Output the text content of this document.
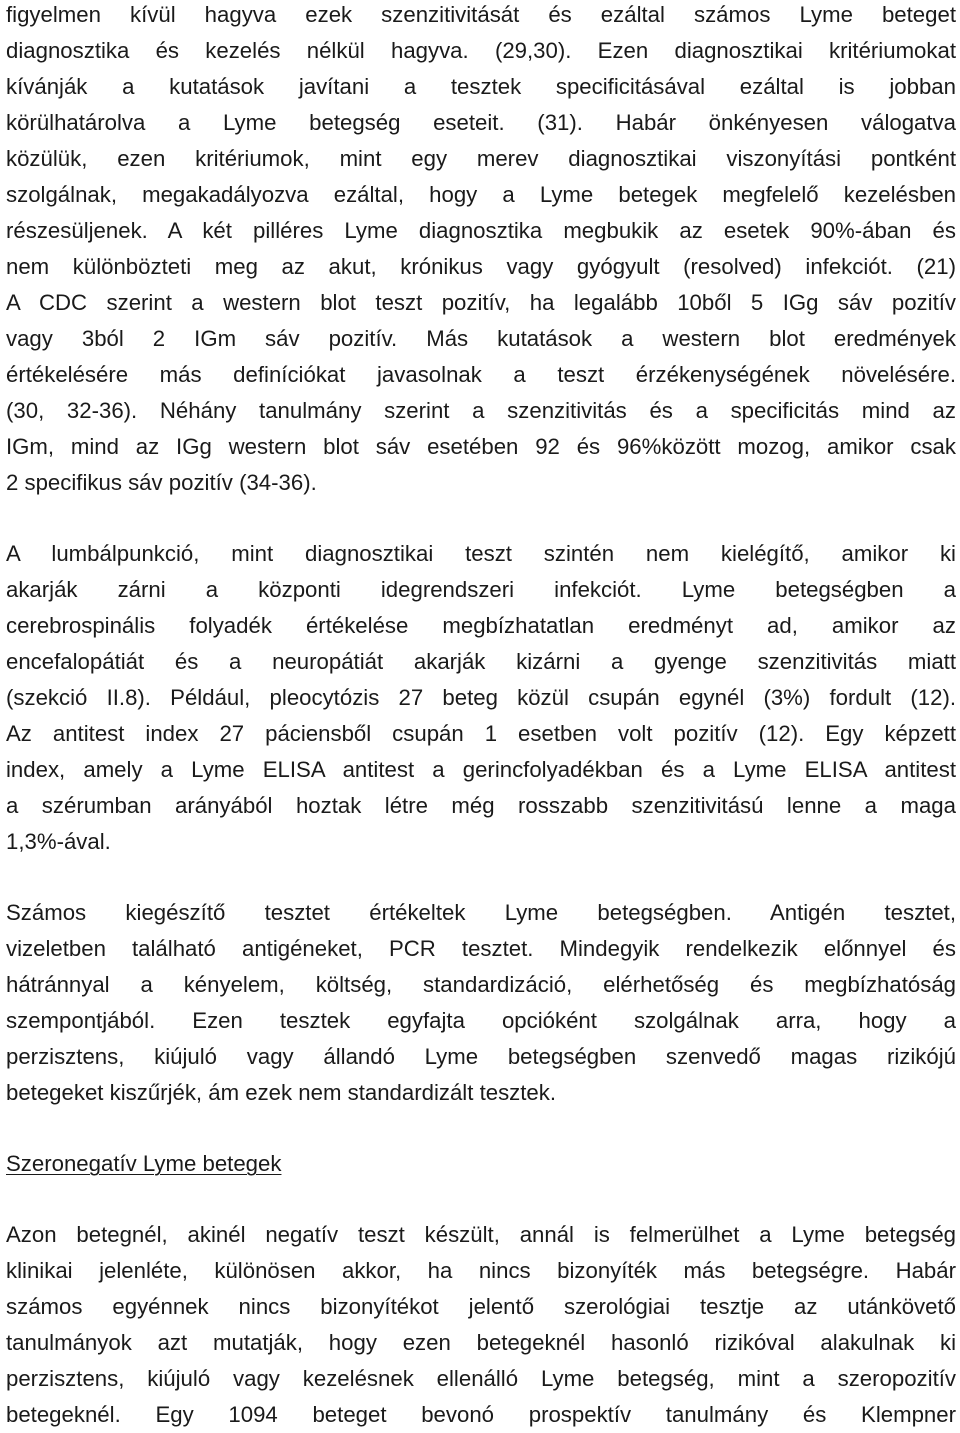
figyelmen kívül hagyva ezek szenzitivitását és ezáltal számos Lyme beteget
diagnosztika és kezelés nélkül hagyva. (29,30). Ezen diagnosztikai kritériumokat
kívánják a kutatások javítani a tesztek specificitásával ezáltal is jobban
körülhatárolva a Lyme betegség eseteit. (31). Habár önkényesen válogatva
közülük, ezen kritériumok, mint egy merev diagnosztikai viszonyítási pontként
szolgálnak, megakadályozva ezáltal, hogy a Lyme betegek megfelelő kezelésben
részesüljenek. A két pilléres Lyme diagnosztika megbukik az esetek 90%-ában és
nem különbözteti meg az akut, krónikus vagy gyógyult (resolved) infekciót. (21)
A CDC szerint a western blot teszt pozitív, ha legalább 10ből 5 IGg sáv pozitív
vagy 3ból 2 IGm sáv pozitív. Más kutatások a western blot eredmények
értékelésére más definíciókat javasolnak a teszt érzékenységének növelésére.
(30, 32-36). Néhány tanulmány szerint a szenzitivitás és a specificitás mind az
IGm, mind az IGg western blot sáv esetében 92 és 96%között mozog, amikor csak
2 specifikus sáv pozitív (34-36).
A lumbálpunkció, mint diagnosztikai teszt szintén nem kielégítő, amikor ki
akarják zárni a központi idegrendszeri infekciót. Lyme betegségben a
cerebrospinális folyadék értékelése megbízhatatlan eredményt ad, amikor az
encefalopátiát és a neuropátiát akarják kizárni a gyenge szenzitivitás miatt
(szekció II.8). Például, pleocytózis 27 beteg közül csupán egynél (3%) fordult (12).
Az antitest index 27 páciensből csupán 1 esetben volt pozitív (12). Egy képzett
index, amely a Lyme ELISA antitest a gerincfolyadékban és a Lyme ELISA antitest
a szérumban arányából hoztak létre még rosszabb szenzitivitású lenne a maga
1,3%-ával.
Számos kiegészítő tesztet értékeltek Lyme betegségben. Antigén tesztet,
vizeletben található antigéneket, PCR tesztet. Mindegyik rendelkezik előnnyel és
hátránnyal a kényelem, költség, standardizáció, elérhetőség és megbízhatóság
szempontjából. Ezen tesztek egyfajta opcióként szolgálnak arra, hogy a
perzisztens, kiújuló vagy állandó Lyme betegségben szenvedő magas rizikójú
betegeket kiszűrjék, ám ezek nem standardizált tesztek.
Szeronegatív Lyme betegek
Azon betegnél, akinél negatív teszt készült, annál is felmerülhet a Lyme betegség
klinikai jelenléte, különösen akkor, ha nincs bizonyíték más betegségre. Habár
számos egyénnek nincs bizonyítékot jelentő szerológiai tesztje az utánkövető
tanulmányok azt mutatják, hogy ezen betegeknél hasonló rizikóval alakulnak ki
perzisztens, kiújuló vagy kezelésnek ellenálló Lyme betegség, mint a szeropozitív
betegeknél. Egy 1094 beteget bevonó prospektív tanulmány és Klempner
